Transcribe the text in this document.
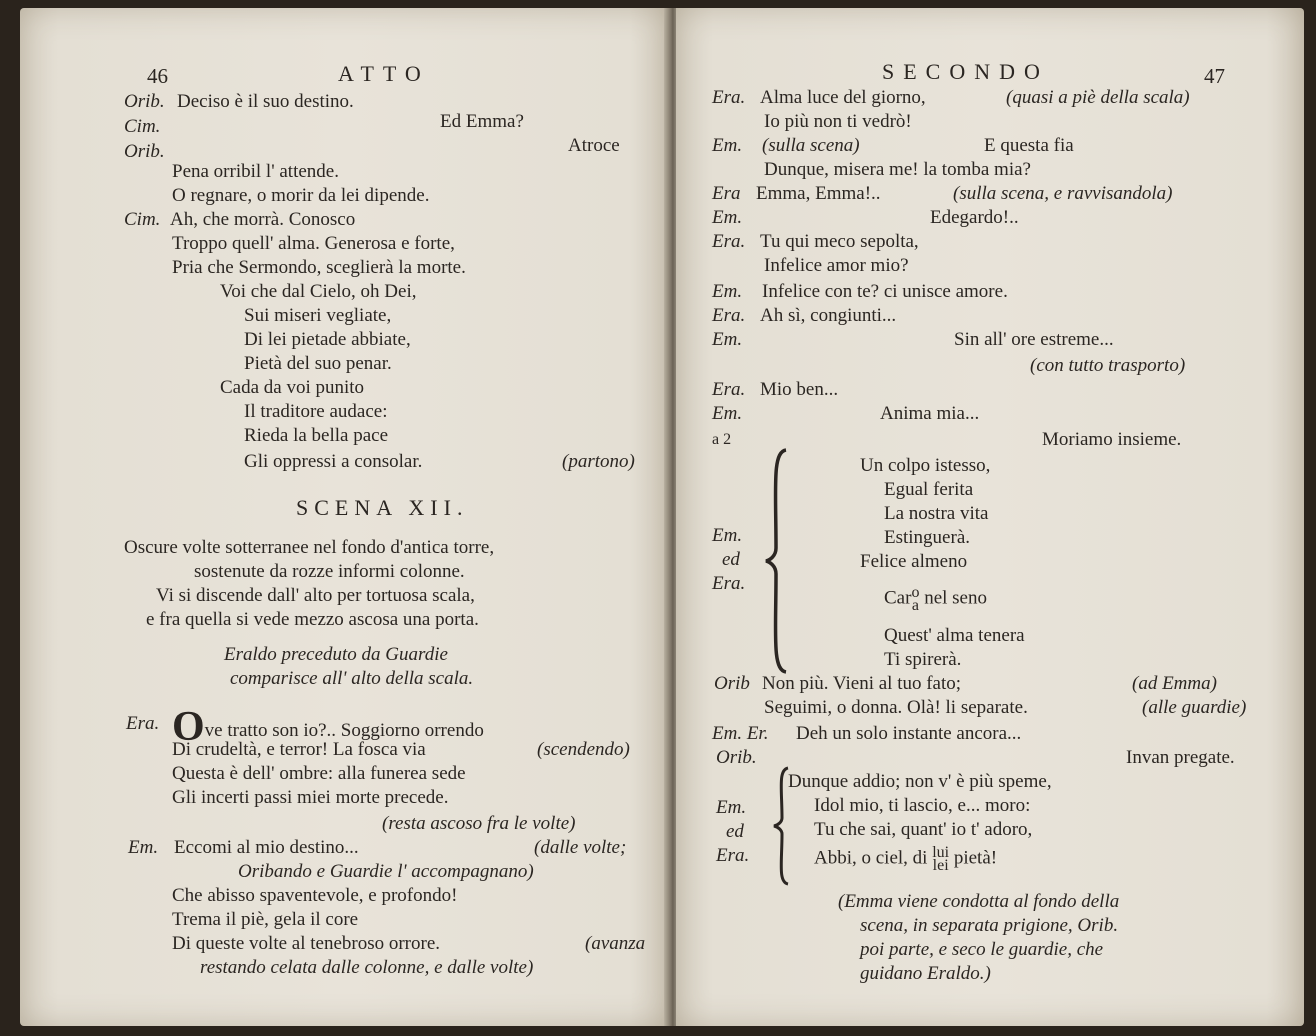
46	ATTO
Orib. Deciso è il suo destino.
Cim.	Ed Emma?
Orib.	Atroce
Pena orribil l' attende.
O regnare, o morir da lei dipende.
Cim. Ah, che morrà. Conosco
Troppo quell' alma. Generosa e forte,
Pria che Sermondo, sceglierà la morte.
Voi che dal Cielo, oh Dei,
Sui miseri vegliate,
Di lei pietade abbiate,
Pietà del suo penar.
Cada da voi punito
Il traditore audace:
Rieda la bella pace
Gli oppressi a consolar.	(partono)
SCENA XII.
Oscure volte sotterranee nel fondo d'antica torre,
sostenute da rozze informi colonne.
Vi si discende dall' alto per tortuosa scala,
e fra quella si vede mezzo ascosa una porta.
Eraldo preceduto da Guardie
comparisce all' alto della scala.
Era. Ove tratto son io?.. Soggiorno orrendo
Di crudeltà, e terror! La fosca via	(scendendo)
Questa è dell' ombre: alla funerea sede
Gli incerti passi miei morte precede.
(resta ascoso fra le volte)
Em. Eccomi al mio destino...	(dalle volte;
Oribando e Guardie l' accompagnano)
Che abisso spaventevole, e profondo!
Trema il piè, gela il core
Di queste volte al tenebroso orrore.	(avanza
restando celata dalle colonne, e dalle volte)
SECONDO	47
Era. Alma luce del giorno,	(quasi a piè della scala)
Io più non ti vedrò!
Em. (sulla scena)	E questa fia
Dunque, misera me! la tomba mia?
Era Emma, Emma!..	(sulla scena, e ravvisandola)
Em.	Edegardo!..
Era. Tu qui meco sepolta,
Infelice amor mio?
Em. Infelice con te? ci unisce amore.
Era. Ah sì, congiunti...
Em.	Sin all' ore estreme...
(con tutto trasporto)
Era. Mio ben...
Em.	Anima mia...
a 2	Moriamo insieme.
Em.
ed
Era.
Un colpo istesso,
Egual ferita
La nostra vita
Estinguerà.
Felice almeno
Car o
a nel seno
Quest' alma tenera
Ti spirerà.
Orib Non più. Vieni al tuo fato;	(ad Emma)
Seguimi, o donna. Olà! li separate.	(alle guardie)
Em. Er. Deh un solo instante ancora...
Orib.	Invan pregate.
Em.
ed
Era.
Dunque addio; non v' è più speme,
Idol mio, ti lascio, e... moro:
Tu che sai, quant' io t' adoro,
Abbi, o ciel, di lui
lei pietà!
(Emma viene condotta al fondo della
scena, in separata prigione, Orib.
poi parte, e seco le guardie, che
guidano Eraldo.)
